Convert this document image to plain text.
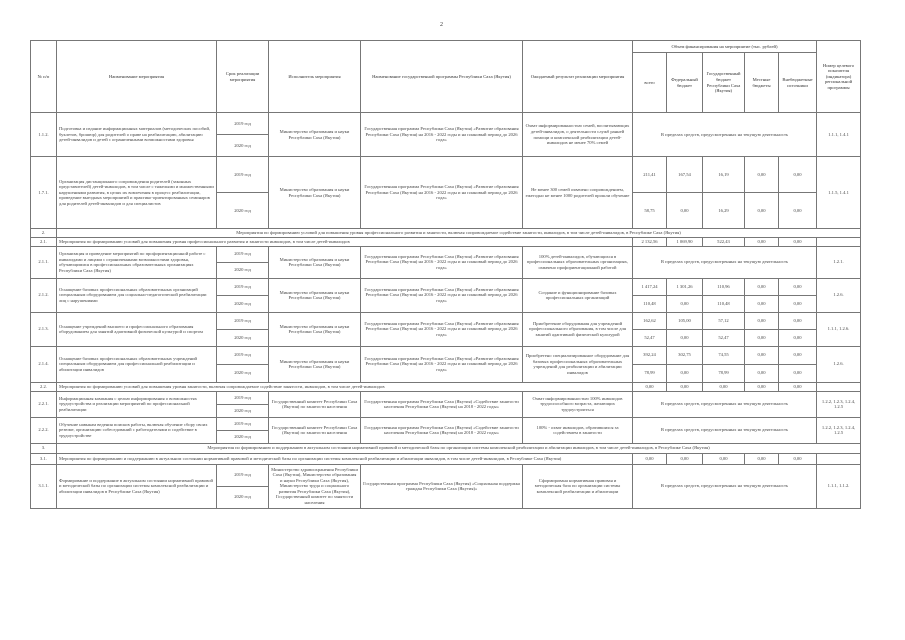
2
№ п/п	Наименование мероприятия	Срок реализации мероприятия	Исполнитель мероприятия	Наименование государственной программы Республики Саха (Якутия)	Ожидаемый результат реализации мероприятия	Объем финансирования на мероприятие (тыс. рублей)					Номер целевого показателя (индикатора) региональной программы
						всего	Федеральный бюджет	Государственный бюджет Республики Саха (Якутия)	Местные бюджеты	Внебюджетные источники	
1.1.2.	Подготовка и издание информационных материалов (методических пособий, буклетов, брошюр) для родителей о праве на реабилитацию, абилитацию детей-инвалидов и детей с ограниченными возможностями здоровья	2019 год	Министерство образования и науки Республики Саха (Якутия)	Государственная программа Республики Саха (Якутия) «Развитие образования Республики Саха (Якутия) на 2016 - 2022 годы и на плановый период до 2026 года»	Охват информированностью семей, воспитывающих детей-инвалидов, о деятельности служб ранней помощи и комплексной реабилитации детей-инвалидов не менее 70% семей	В пределах средств, предусмотренных на текущую деятельность					1.1.1, 1.4.1
		2020 год									
1.7.1.	Организация дистанционного сопровождения родителей (законных представителей) детей-инвалидов, в том числе с тяжелыми и множественными нарушениями развития, в целях их вовлечения в процесс реабилитации, проведение выездных мероприятий и практико-ориентированных семинаров для родителей детей-инвалидов и для специалистов	2019 год	Министерство образования и науки Республики Саха (Якутия)	Государственная программа Республики Саха (Якутия) «Развитие образования Республики Саха (Якутия) на 2016 - 2022 годы и на плановый период до 2026 года»	Не менее 300 семей охвачено сопровождением, ежегодно не менее 1000 родителей прошли обучение	211,41	167,54	16,19	0,00	0,00	1.1.5, 1.4.1
		2020 год				58,75	0,00	16,29	0,00	0,00	
2.	Мероприятия по формированию условий для повышения уровня профессионального развития и занятости, включая сопровождаемое содействие занятости, инвалидов, в том числе детей-инвалидов, в Республике Саха (Якутия)										
2.1.	Мероприятия по формированию условий для повышения уровня профессионального развития и занятости инвалидов, в том числе детей-инвалидов					2 132,56	1 069,90	522,43	0,00	0,00	
2.1.1.	Организация и проведение мероприятий по профориентационной работе с инвалидами и лицами с ограниченными возможностями здоровья, обучающимися в профессиональных образовательных организациях Республики Саха (Якутия)	2019 год	Министерство образования и науки Республики Саха (Якутия)	Государственная программа Республики Саха (Якутия) «Развитие образования Республики Саха (Якутия) на 2016 - 2022 годы и на плановый период до 2026 года»	100% детей-инвалидов, обучающихся в профессиональных образовательных организациях, охвачено профориентационной работой	В пределах средств, предусмотренных на текущую деятельность					1.2.1.
		2020 год									
2.1.2.	Оснащение базовых профессиональных образовательных организаций специальным оборудованием для социально-педагогической реабилитации лиц с нарушениями	2019 год	Министерство образования и науки Республики Саха (Якутия)	Государственная программа Республики Саха (Якутия) «Развитие образования Республики Саха (Якутия) на 2016 - 2022 годы и на плановый период до 2026 года»	Создание и функционирование базовых профессиональных организаций	1 417,24	1 301,26	110,96	0,00	0,00	1.2.6.
		2020 год				110,48	0,00	110,48	0,00	0,00	
2.1.3.	Оснащение учреждений высшего и профессионального образования оборудованием для занятий адаптивной физической культурой и спортом	2019 год	Министерство образования и науки Республики Саха (Якутия)	Государственная программа Республики Саха (Якутия) «Развитие образования Республики Саха (Якутия) на 2016 - 2022 годы и на плановый период до 2026 года»	Приобретение оборудования для учреждений профессионального образования, в том числе для занятий адаптивной физической культурой	162,62	105,00	57,12	0,00	0,00	1.1.1, 1.2.6.
		2020 год				52,47	0,00	52,47	0,00	0,00	
2.1.4.	Оснащение базовых профессиональных образовательных учреждений специальным оборудованием для профессиональной реабилитации и абилитации инвалидов	2019 год	Министерство образования и науки Республики Саха (Якутия)	Государственная программа Республики Саха (Якутия) «Развитие образования Республики Саха (Якутия) на 2016 - 2022 годы и на плановый период до 2026 года»	Приобретено специализированное оборудование для базовых профессиональных образовательных учреждений для реабилитации и абилитации инвалидов	392,24	302,75	74,55	0,00	0,00	1.2.6.
		2020 год				78,99	0,00	78,99	0,00	0,00	
2.2.	Мероприятия по формированию условий для повышения уровня занятости, включая сопровождаемое содействие занятости, инвалидов, в том числе детей-инвалидов					0,00	0,00	0,00	0,00	0,00	
2.2.1.	Информационная кампания с целью информирования о возможностях трудоустройства и реализации мероприятий по профессиональной реабилитации	2019 год	Государственный комитет Республики Саха (Якутия) по занятости населения	Государственная программа Республики Саха (Якутия) «Содействие занятости населения Республики Саха (Якутия) на 2018 - 2022 годы»	Охват информированностью 100% инвалидов трудоспособного возраста, желающих трудоустроиться	В пределах средств, предусмотренных на текущую деятельность					1.2.2, 1.2.3, 1.2.4, 1.2.5
		2020 год									
2.2.2.	Обучение навыкам ведения поисков работы, включая обучение сбору своих резюме, организацию собеседований с работодателями и содействие в трудоустройстве	2019 год	Государственный комитет Республики Саха (Якутия) по занятости населения	Государственная программа Республики Саха (Якутия) «Содействие занятости населения Республики Саха (Якутия) на 2018 - 2022 годы»	100% - охват инвалидов, обратившихся за содействием в занятости	В пределах средств, предусмотренных на текущую деятельность					1.2.2, 1.2.3, 1.2.4, 1.2.5
		2020 год									
3.	Мероприятия по формированию и поддержанию в актуальном состоянии нормативной правовой и методической базы по организации системы комплексной реабилитации и абилитации инвалидов, в том числе детей-инвалидов, в Республике Саха (Якутия)										
3.1.	Мероприятия по формированию и поддержанию в актуальном состоянии нормативной правовой и методической базы по организации системы комплексной реабилитации и абилитации инвалидов, в том числе детей-инвалидов, в Республике Саха (Якутия)					0,00	0,00	0,00	0,00	0,00	
3.1.1.	Формирование и поддержание в актуальном состоянии нормативной правовой и методической базы по организации системы комплексной реабилитации и абилитации инвалидов в Республике Саха (Якутия)	2019 год	Министерство здравоохранения Республики Саха (Якутия), Министерство образования и науки Республики Саха (Якутия), Министерство труда и социального развития Республики Саха (Якутия), Государственный комитет по занятости населения	Государственная программа Республики Саха (Якутия) «Социальная поддержка граждан Республики Саха (Якутия)»	Сформирована нормативная правовая и методическая база по организации системы комплексной реабилитации и абилитации	В пределах средств, предусмотренных на текущую деятельность					1.1.1, 1.1.2.
		2020 год									
